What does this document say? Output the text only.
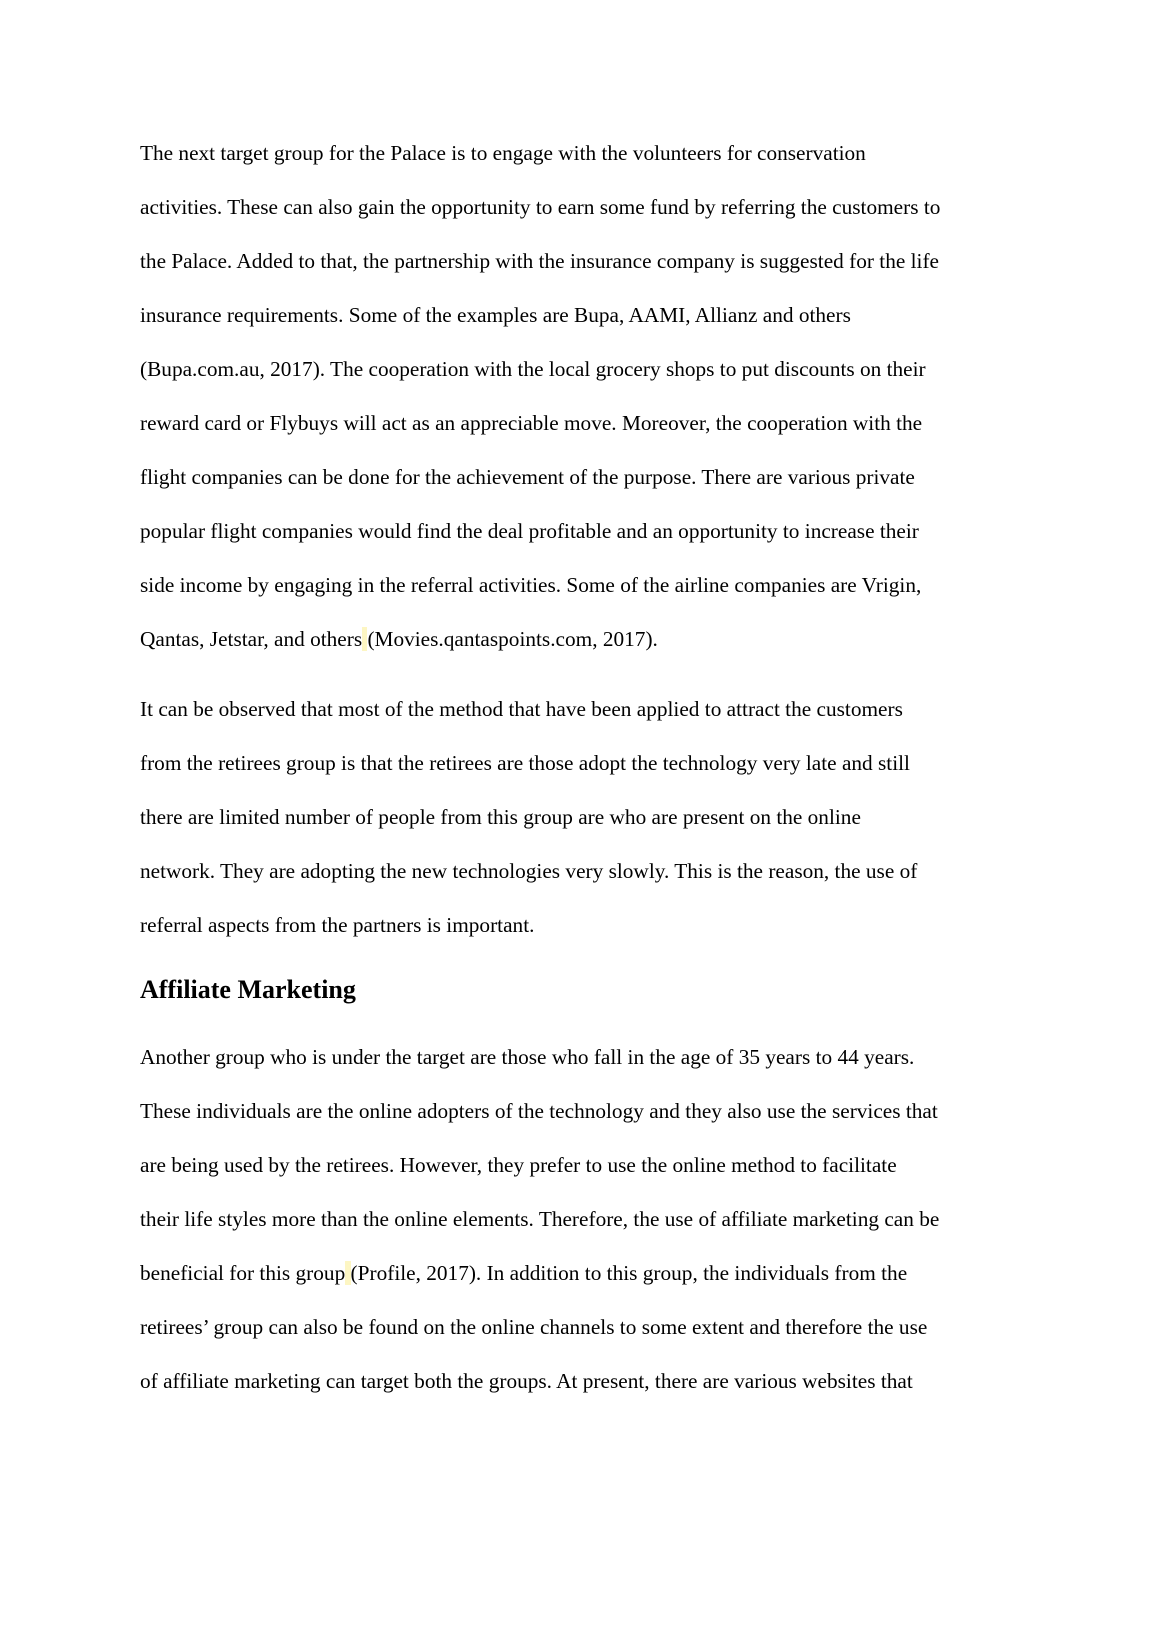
The next target group for the Palace is to engage with the volunteers for conservation
activities. These can also gain the opportunity to earn some fund by referring the customers to
the Palace. Added to that, the partnership with the insurance company is suggested for the life
insurance requirements. Some of the examples are Bupa, AAMI, Allianz and others
(Bupa.com.au, 2017). The cooperation with the local grocery shops to put discounts on their
reward card or Flybuys will act as an appreciable move. Moreover, the cooperation with the
flight companies can be done for the achievement of the purpose. There are various private
popular flight companies would find the deal profitable and an opportunity to increase their
side income by engaging in the referral activities. Some of the airline companies are Vrigin,
Qantas, Jetstar, and others (Movies.qantaspoints.com, 2017).
It can be observed that most of the method that have been applied to attract the customers
from the retirees group is that the retirees are those adopt the technology very late and still
there are limited number of people from this group are who are present on the online
network. They are adopting the new technologies very slowly. This is the reason, the use of
referral aspects from the partners is important.
Affiliate Marketing
Another group who is under the target are those who fall in the age of 35 years to 44 years.
These individuals are the online adopters of the technology and they also use the services that
are being used by the retirees. However, they prefer to use the online method to facilitate
their life styles more than the online elements. Therefore, the use of affiliate marketing can be
beneficial for this group (Profile, 2017). In addition to this group, the individuals from the
retirees’ group can also be found on the online channels to some extent and therefore the use
of affiliate marketing can target both the groups. At present, there are various websites that
